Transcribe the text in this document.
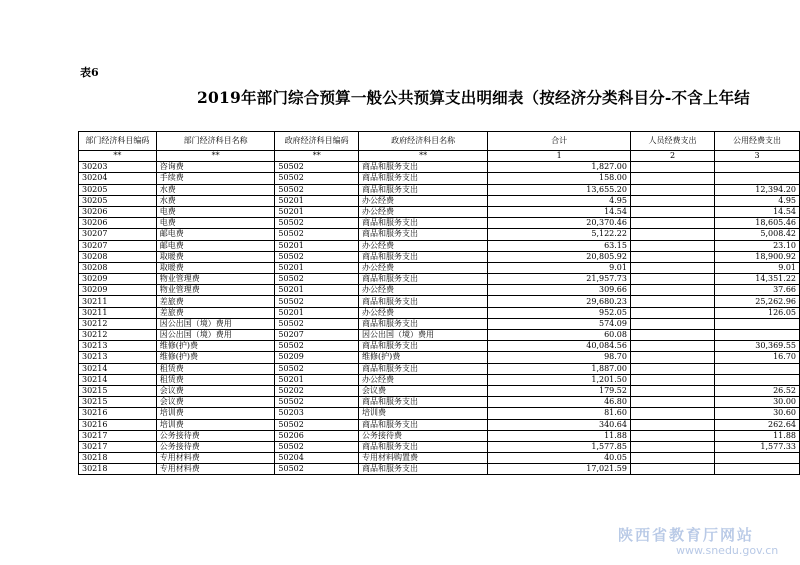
表6
2019年部门综合预算一般公共预算支出明细表（按经济分类科目分-不含上年结
部门经济科目编码	部门经济科目名称	政府经济科目编码	政府经济科目名称	合计	人员经费支出	公用经费支出
**	**	**	**	1	2	3
30203	咨询费	50502	商品和服务支出	1,827.00		
30204	手续费	50502	商品和服务支出	158.00		
30205	水费	50502	商品和服务支出	13,655.20		12,394.20
30205	水费	50201	办公经费	4.95		4.95
30206	电费	50201	办公经费	14.54		14.54
30206	电费	50502	商品和服务支出	20,370.46		18,605.46
30207	邮电费	50502	商品和服务支出	5,122.22		5,008.42
30207	邮电费	50201	办公经费	63.15		23.10
30208	取暖费	50502	商品和服务支出	20,805.92		18,900.92
30208	取暖费	50201	办公经费	9.01		9.01
30209	物业管理费	50502	商品和服务支出	21,957.73		14,351.22
30209	物业管理费	50201	办公经费	309.66		37.66
30211	差旅费	50502	商品和服务支出	29,680.23		25,262.96
30211	差旅费	50201	办公经费	952.05		126.05
30212	因公出国（境）费用	50502	商品和服务支出	574.09		
30212	因公出国（境）费用	50207	因公出国（境）费用	60.08		
30213	维修(护)费	50502	商品和服务支出	40,084.56		30,369.55
30213	维修(护)费	50209	维修(护)费	98.70		16.70
30214	租赁费	50502	商品和服务支出	1,887.00		
30214	租赁费	50201	办公经费	1,201.50		
30215	会议费	50202	会议费	179.52		26.52
30215	会议费	50502	商品和服务支出	46.80		30.00
30216	培训费	50203	培训费	81.60		30.60
30216	培训费	50502	商品和服务支出	340.64		262.64
30217	公务接待费	50206	公务接待费	11.88		11.88
30217	公务接待费	50502	商品和服务支出	1,577.85		1,577.33
30218	专用材料费	50204	专用材料购置费	40.05		
30218	专用材料费	50502	商品和服务支出	17,021.59		
陕西省教育厅网站
www.snedu.gov.cn
